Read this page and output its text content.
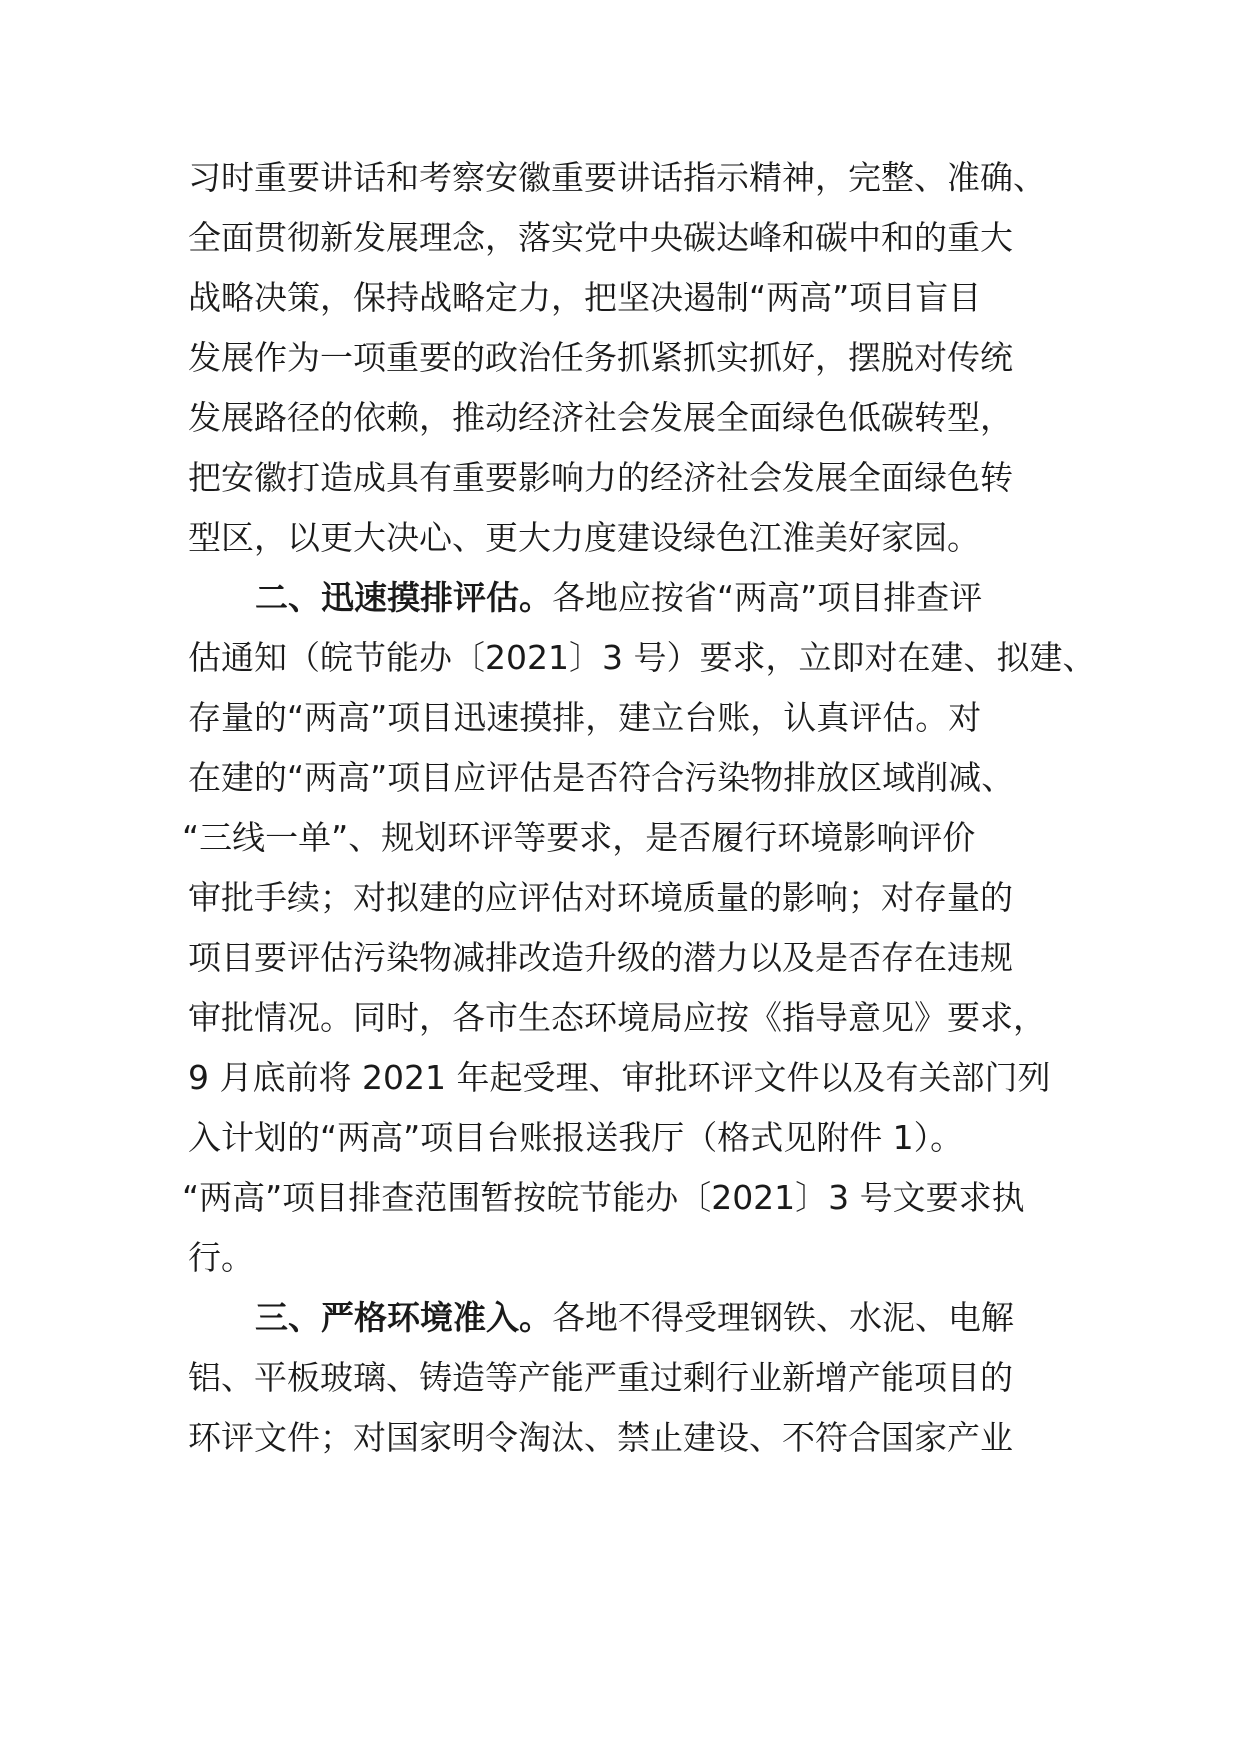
习时重要讲话和考察安徽重要讲话指示精神，完整、准确、
全面贯彻新发展理念，落实党中央碳达峰和碳中和的重大
战略决策，保持战略定力，把坚决遏制“两高”项目盲目
发展作为一项重要的政治任务抓紧抓实抓好，摆脱对传统
发展路径的依赖，推动经济社会发展全面绿色低碳转型，
把安徽打造成具有重要影响力的经济社会发展全面绿色转
型区，以更大决心、更大力度建设绿色江淮美好家园。
二、迅速摸排评估。各地应按省“两高”项目排查评
估通知（皖节能办〔2021〕3 号）要求，立即对在建、拟建、
存量的“两高”项目迅速摸排，建立台账，认真评估。对
在建的“两高”项目应评估是否符合污染物排放区域削减、
“三线一单”、规划环评等要求，是否履行环境影响评价
审批手续；对拟建的应评估对环境质量的影响；对存量的
项目要评估污染物减排改造升级的潜力以及是否存在违规
审批情况。同时，各市生态环境局应按《指导意见》要求，
9 月底前将 2021 年起受理、审批环评文件以及有关部门列
入计划的“两高”项目台账报送我厅（格式见附件 1）。
“两高”项目排查范围暂按皖节能办〔2021〕3 号文要求执
行。
三、严格环境准入。各地不得受理钢铁、水泥、电解
铝、平板玻璃、铸造等产能严重过剩行业新增产能项目的
环评文件；对国家明令淘汰、禁止建设、不符合国家产业
